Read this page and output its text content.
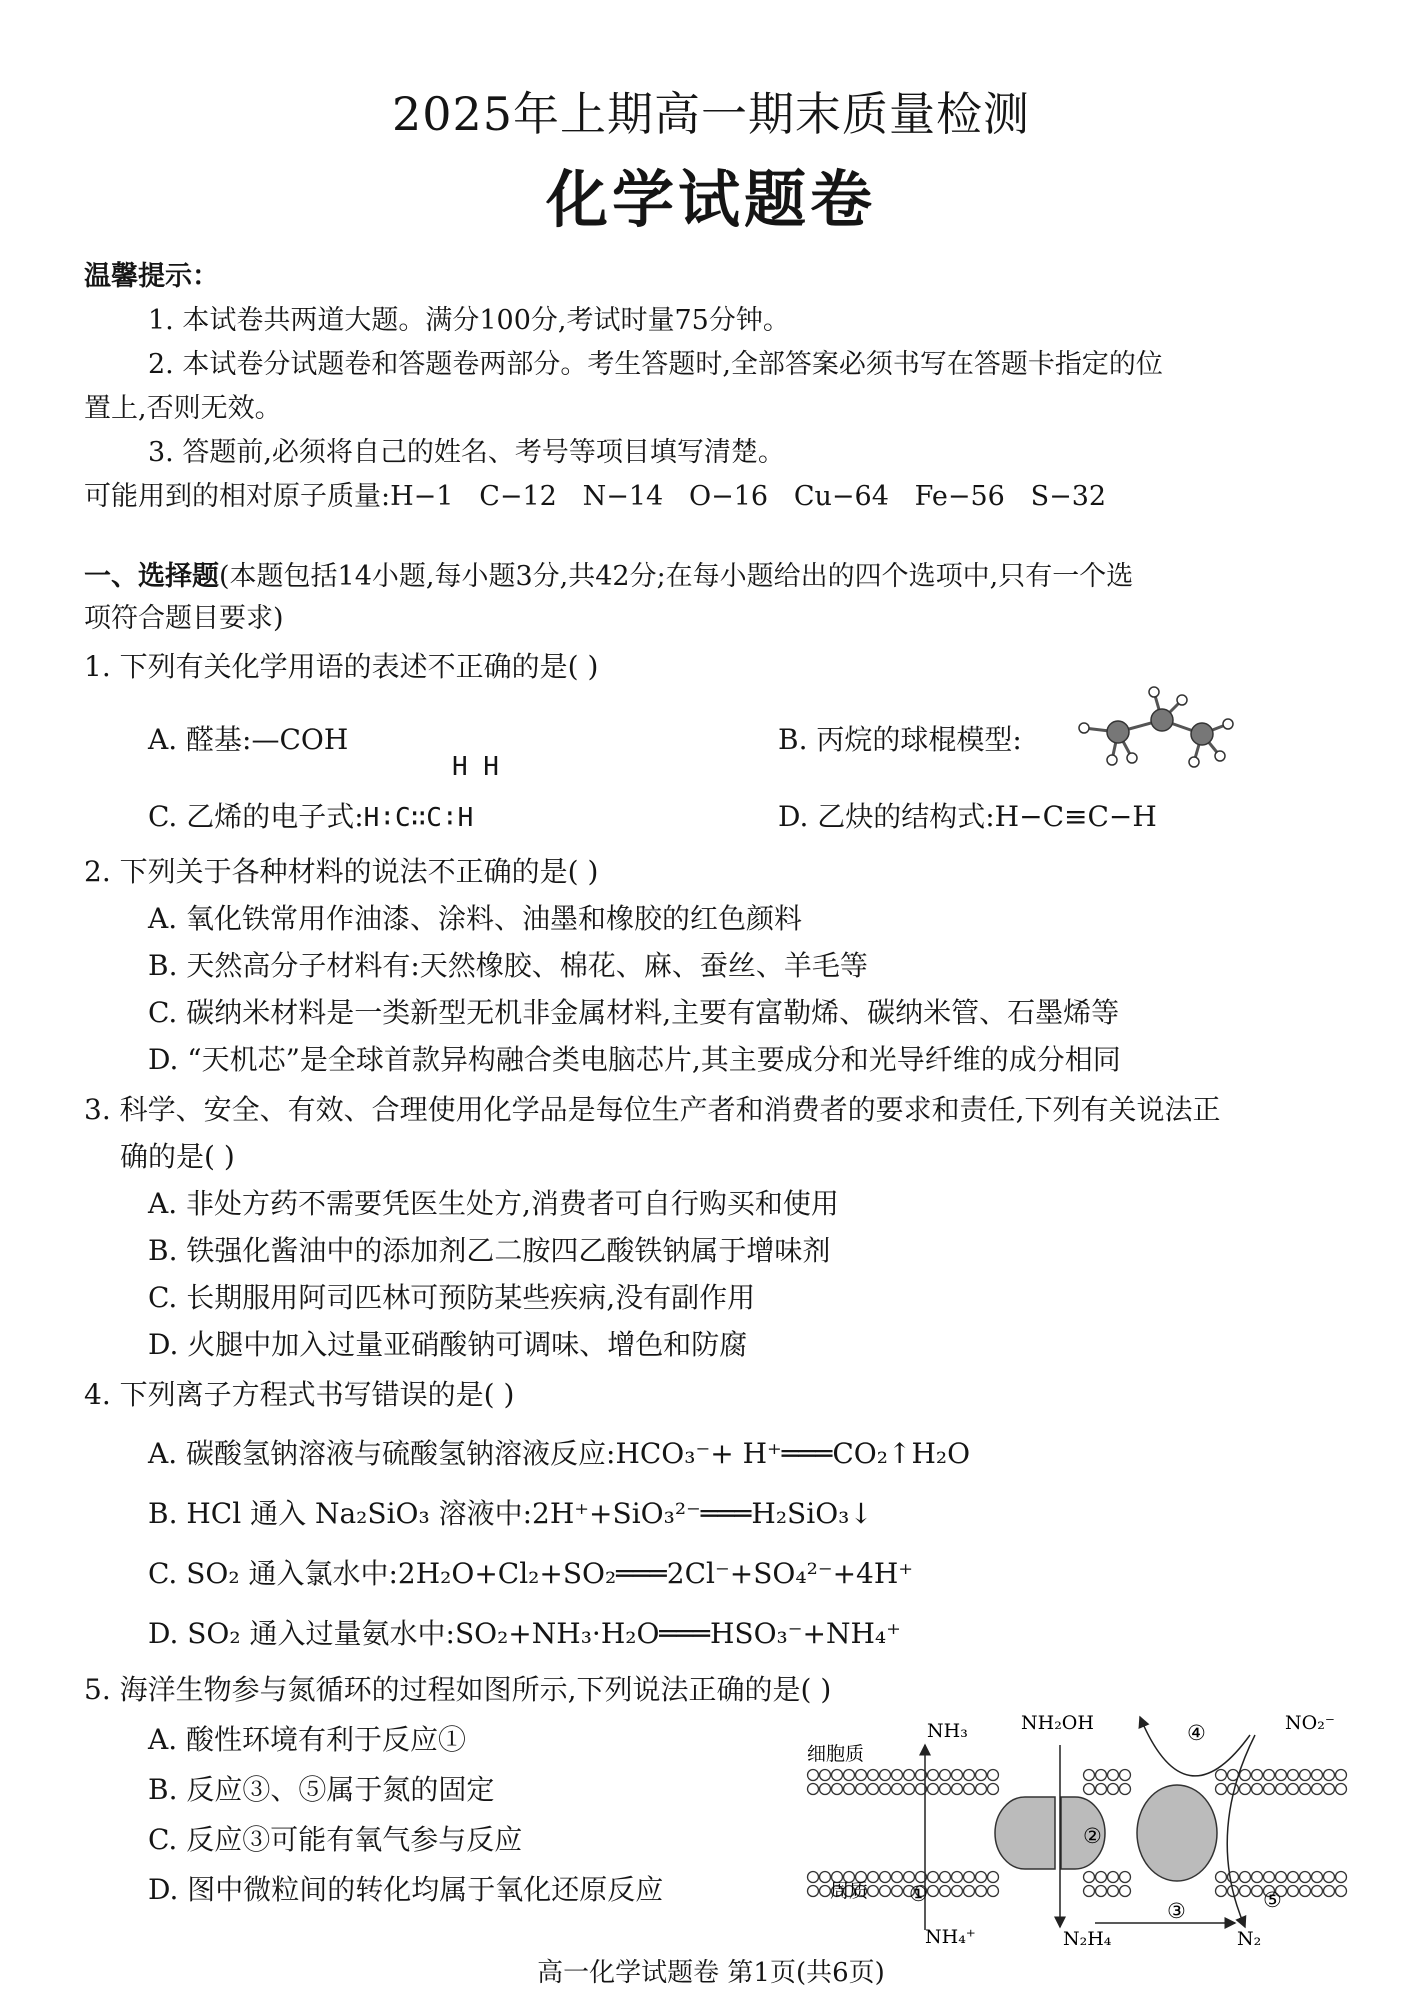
2025年上期高一期末质量检测
化学试题卷
温馨提示：
1. 本试卷共两道大题。满分100分,考试时量75分钟。
2. 本试卷分试题卷和答题卷两部分。考生答题时,全部答案必须书写在答题卡指定的位
置上,否则无效。
3. 答题前,必须将自己的姓名、考号等项目填写清楚。
可能用到的相对原子质量:H−1 C−12 N−14 O−16 Cu−64 Fe−56 S−32
一、选择题(本题包括14小题,每小题3分,共42分;在每小题给出的四个选项中,只有一个选
项符合题目要求)
1. 下列有关化学用语的表述不正确的是( )
A. 醛基:—COH	B. 丙烷的球棍模型:
H H
C. 乙烯的电子式:H∶C∷C∶H	D. 乙炔的结构式:H−C≡C−H
2. 下列关于各种材料的说法不正确的是( )
A. 氧化铁常用作油漆、涂料、油墨和橡胶的红色颜料
B. 天然高分子材料有:天然橡胶、棉花、麻、蚕丝、羊毛等
C. 碳纳米材料是一类新型无机非金属材料,主要有富勒烯、碳纳米管、石墨烯等
D. “天机芯”是全球首款异构融合类电脑芯片,其主要成分和光导纤维的成分相同
3. 科学、安全、有效、合理使用化学品是每位生产者和消费者的要求和责任,下列有关说法正
确的是( )
A. 非处方药不需要凭医生处方,消费者可自行购买和使用
B. 铁强化酱油中的添加剂乙二胺四乙酸铁钠属于增味剂
C. 长期服用阿司匹林可预防某些疾病,没有副作用
D. 火腿中加入过量亚硝酸钠可调味、增色和防腐
4. 下列离子方程式书写错误的是( )
A. 碳酸氢钠溶液与硫酸氢钠溶液反应:HCO₃⁻+ H⁺═══CO₂↑H₂O
B. HCl 通入 Na₂SiO₃ 溶液中:2H⁺+SiO₃²⁻═══H₂SiO₃↓
C. SO₂ 通入氯水中:2H₂O+Cl₂+SO₂═══2Cl⁻+SO₄²⁻+4H⁺
D. SO₂ 通入过量氨水中:SO₂+NH₃·H₂O═══HSO₃⁻+NH₄⁺
5. 海洋生物参与氮循环的过程如图所示,下列说法正确的是( )
A. 酸性环境有利于反应①
B. 反应③、⑤属于氮的固定
C. 反应③可能有氧气参与反应
D. 图中微粒间的转化均属于氧化还原反应
细胞质
周质
NH₃	NH₂OH	NO₂⁻
NH₄⁺	N₂H₄	N₂
①
②
③
④
⑤
高一化学试题卷 第1页(共6页)
